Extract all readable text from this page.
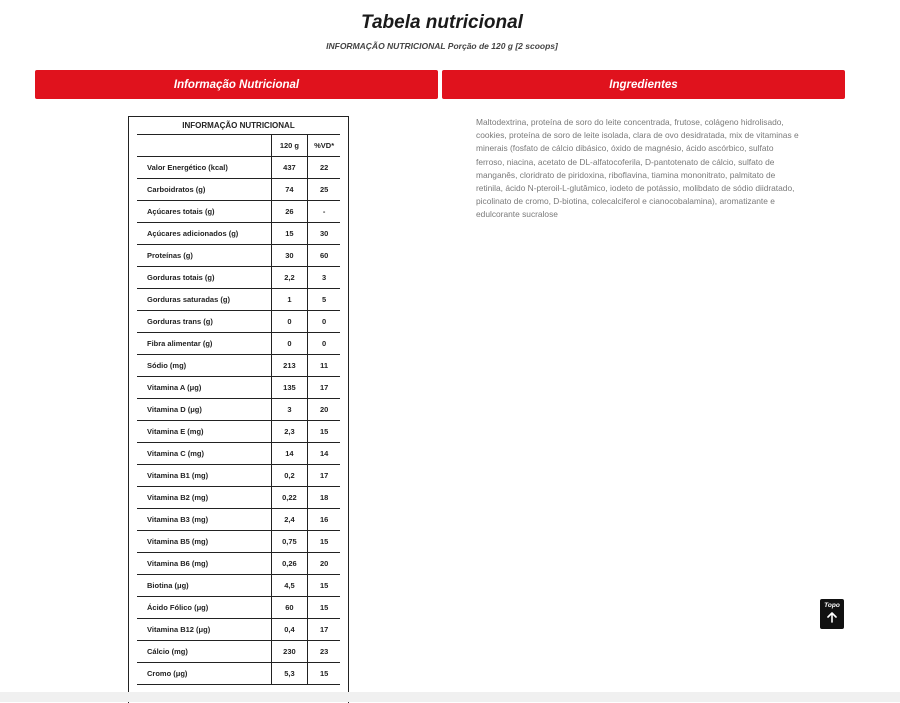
Tabela nutricional
INFORMAÇÃO NUTRICIONAL Porção de 120 g [2 scoops]
Informação Nutricional	Ingredientes
INFORMAÇÃO NUTRICIONAL
	120 g	%VD*
Valor Energético (kcal)	437	22
Carboidratos (g)	74	25
Açúcares totais (g)	26	-
Açúcares adicionados (g)	15	30
Proteínas (g)	30	60
Gorduras totais (g)	2,2	3
Gorduras saturadas (g)	1	5
Gorduras trans (g)	0	0
Fibra alimentar (g)	0	0
Sódio (mg)	213	11
Vitamina A (μg)	135	17
Vitamina D (μg)	3	20
Vitamina E (mg)	2,3	15
Vitamina C (mg)	14	14
Vitamina B1 (mg)	0,2	17
Vitamina B2 (mg)	0,22	18
Vitamina B3 (mg)	2,4	16
Vitamina B5 (mg)	0,75	15
Vitamina B6 (mg)	0,26	20
Biotina (μg)	4,5	15
Ácido Fólico (μg)	60	15
Vitamina B12 (μg)	0,4	17
Cálcio (mg)	230	23
Cromo (μg)	5,3	15
Maltodextrina, proteína de soro do leite concentrada, frutose, colágeno hidrolisado, cookies, proteína de soro de leite isolada, clara de ovo desidratada, mix de vitaminas e minerais (fosfato de cálcio dibásico, óxido de magnésio, ácido ascórbico, sulfato ferroso, niacina, acetato de DL-alfatocoferila, D-pantotenato de cálcio, sulfato de manganês, cloridrato de piridoxina, riboflavina, tiamina mononitrato, palmitato de retinila, ácido N-pteroil-L-glutâmico, iodeto de potássio, molibdato de sódio diidratado, picolinato de cromo, D-biotina, colecalciferol e cianocobalamina), aromatizante e edulcorante sucralose
Topo
